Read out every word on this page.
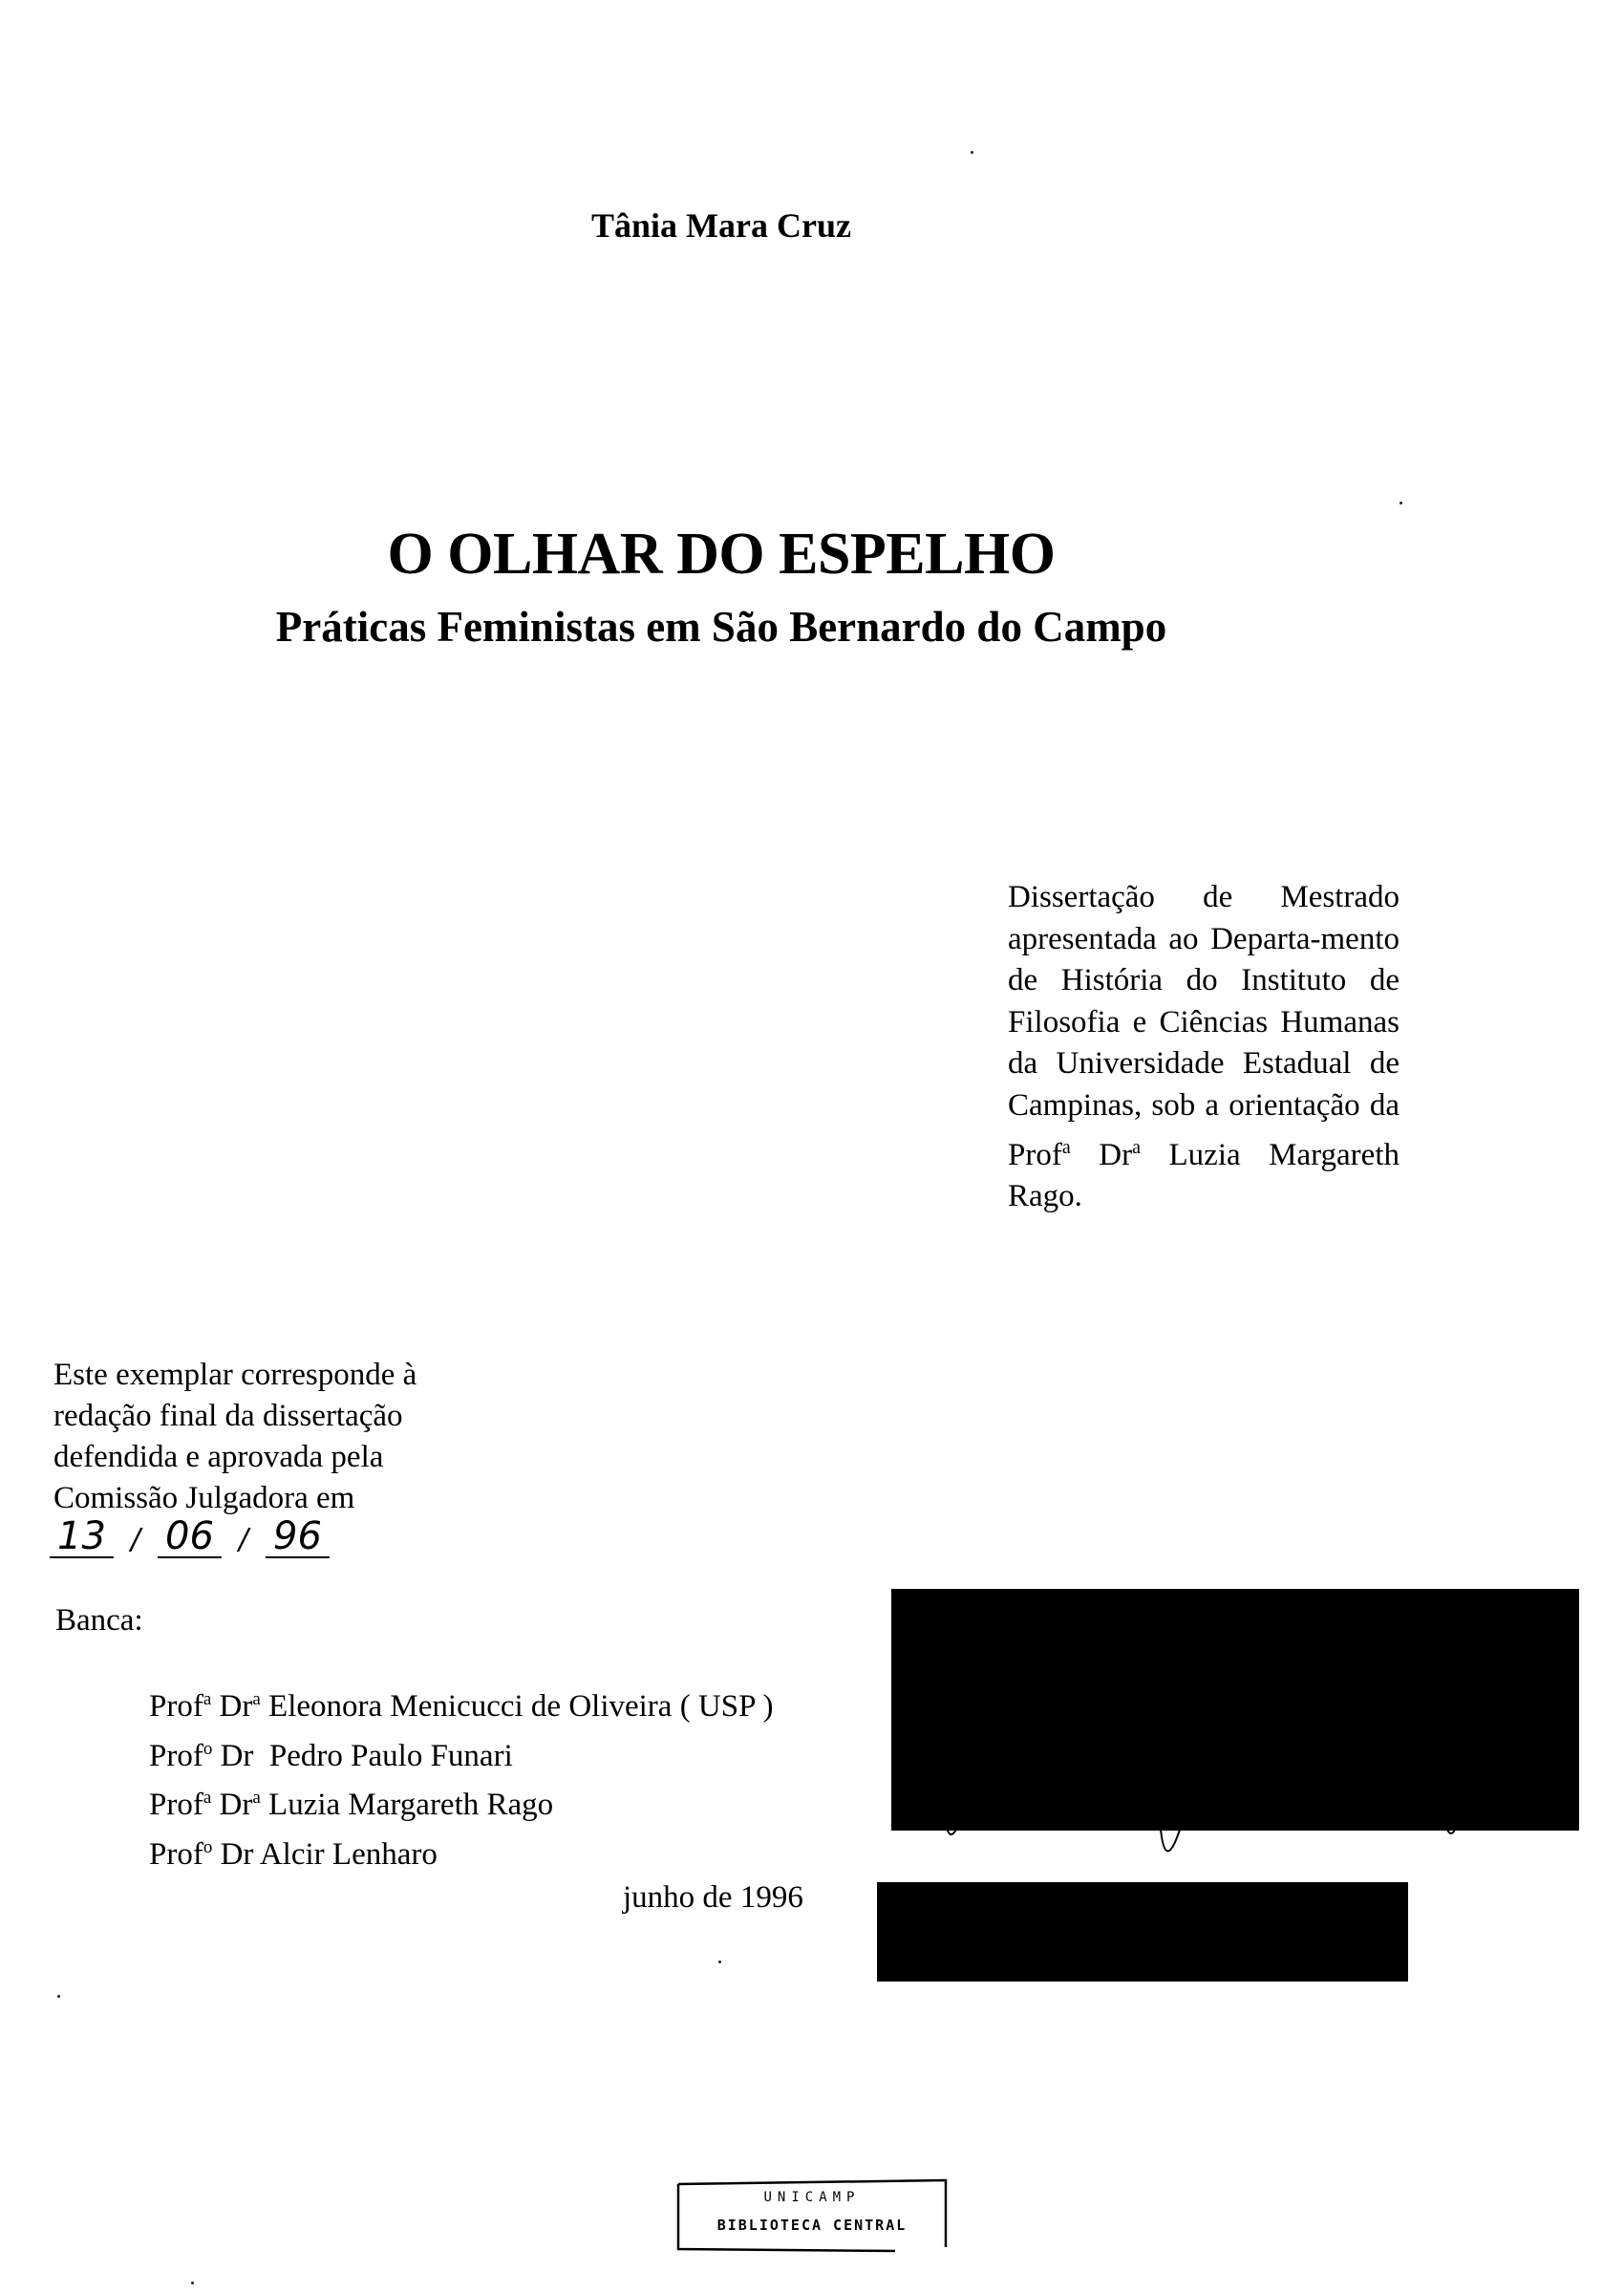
Tânia Mara Cruz
O OLHAR DO ESPELHO
Práticas Feministas em São Bernardo do Campo
Dissertação de Mestrado apresentada ao Departa-mento de História do Instituto de Filosofia e Ciências Humanas da Universidade Estadual de Campinas, sob a orientação da Prof$^a$ Dr$^a$ Luzia Margareth Rago.
Este exemplar corresponde à redação final da dissertação defendida e aprovada pela Comissão Julgadora em
13 / 06 / 96
Banca:
Prof$^a$ Dr$^a$ Eleonora Menicucci de Oliveira ( USP )
Prof$^o$ Dr  Pedro Paulo Funari
Prof$^a$ Dr$^a$ Luzia Margareth Rago
Prof$^o$ Dr Alcir Lenharo
junho de 1996
UNICAMP
BIBLIOTECA CENTRAL
